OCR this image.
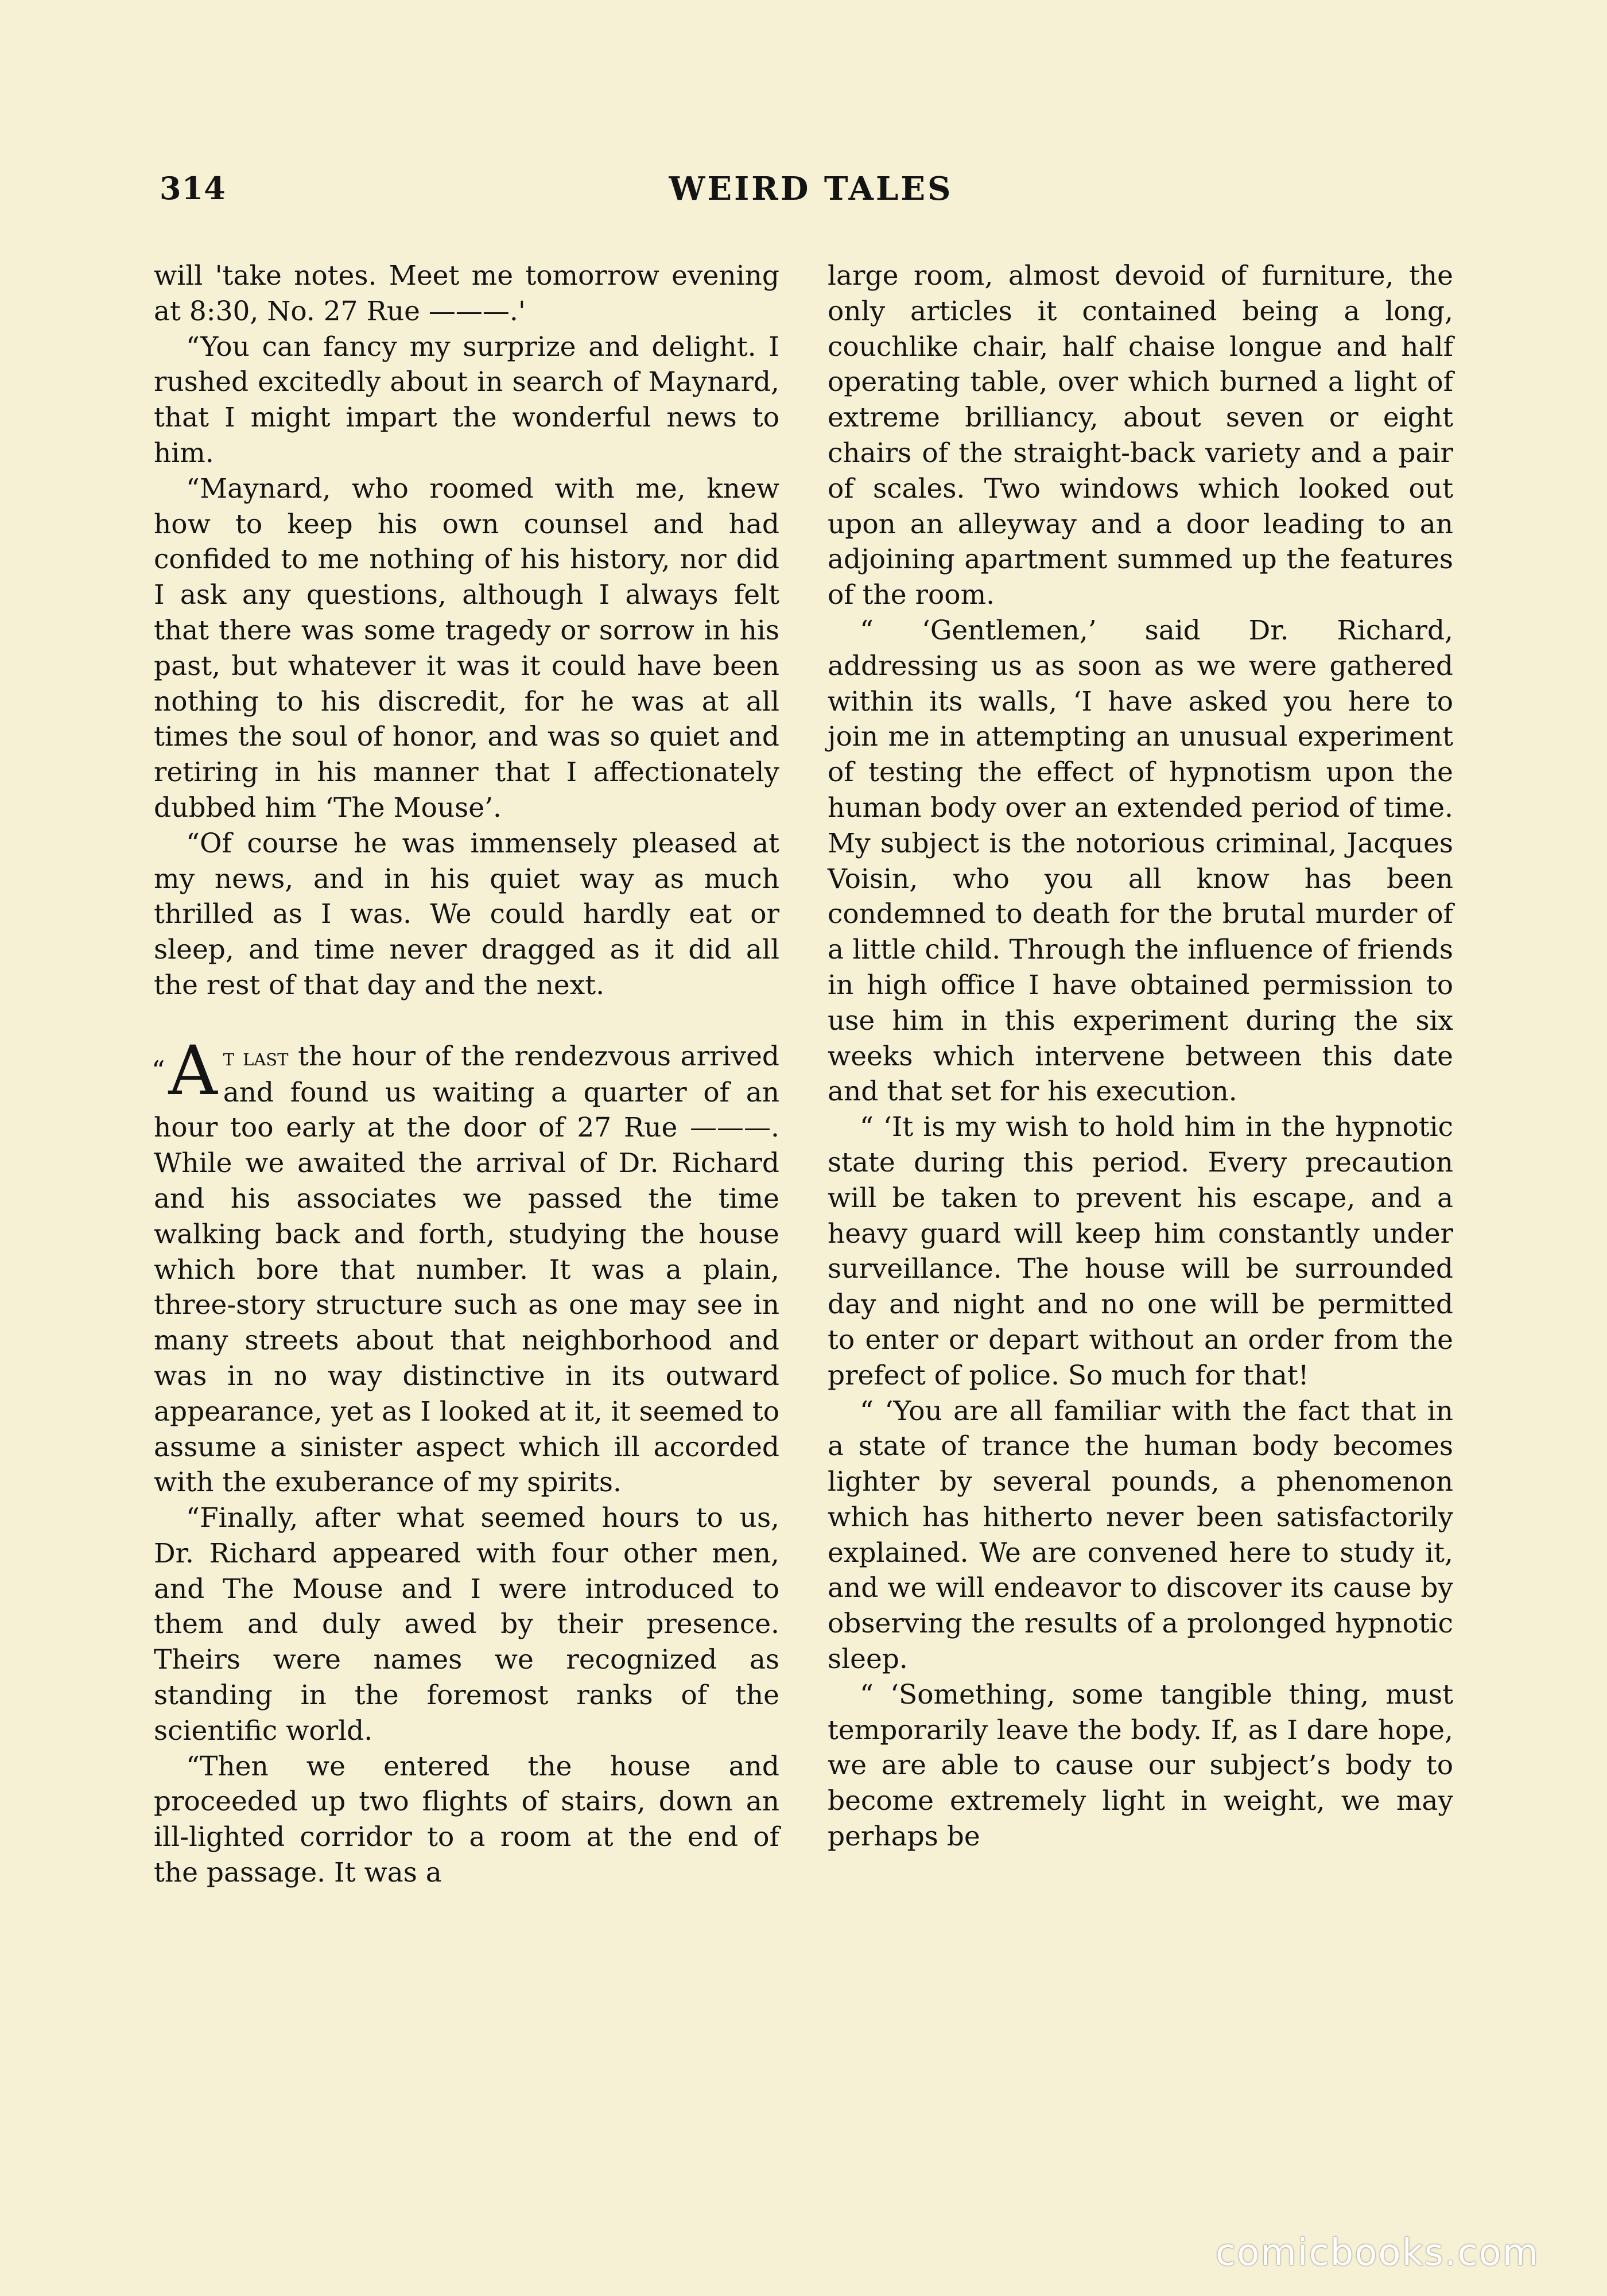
314	WEIRD TALES

will 'take notes. Meet me tomorrow evening at 8:30, No. 27 Rue ———.'

“You can fancy my surprize and delight. I rushed excitedly about in search of Maynard, that I might impart the wonderful news to him.

“Maynard, who roomed with me, knew how to keep his own counsel and had confided to me nothing of his history, nor did I ask any questions, although I always felt that there was some tragedy or sorrow in his past, but whatever it was it could have been nothing to his discredit, for he was at all times the soul of honor, and was so quiet and retiring in his manner that I affectionately dubbed him ‘The Mouse’.

“Of course he was immensely pleased at my news, and in his quiet way as much thrilled as I was. We could hardly eat or sleep, and time never dragged as it did all the rest of that day and the next.

“A t last the hour of the rendezvous arrived and found us waiting a quarter of an hour too early at the door of 27 Rue ———. While we awaited the arrival of Dr. Richard and his associates we passed the time walking back and forth, studying the house which bore that number. It was a plain, three-story structure such as one may see in many streets about that neighborhood and was in no way distinctive in its outward appearance, yet as I looked at it, it seemed to assume a sinister aspect which ill accorded with the exuberance of my spirits.

“Finally, after what seemed hours to us, Dr. Richard appeared with four other men, and The Mouse and I were introduced to them and duly awed by their presence. Theirs were names we recognized as standing in the foremost ranks of the scientific world.

“Then we entered the house and proceeded up two flights of stairs, down an ill-lighted corridor to a room at the end of the passage. It was a

large room, almost devoid of furniture, the only articles it contained being a long, couchlike chair, half chaise longue and half operating table, over which burned a light of extreme brilliancy, about seven or eight chairs of the straight-back variety and a pair of scales. Two windows which looked out upon an alleyway and a door leading to an adjoining apartment summed up the features of the room.

“ ‘Gentlemen,’ said Dr. Richard, addressing us as soon as we were gathered within its walls, ‘I have asked you here to join me in attempting an unusual experiment of testing the effect of hypnotism upon the human body over an extended period of time. My subject is the notorious criminal, Jacques Voisin, who you all know has been condemned to death for the brutal murder of a little child. Through the influence of friends in high office I have obtained permission to use him in this experiment during the six weeks which intervene between this date and that set for his execution.

“ ‘It is my wish to hold him in the hypnotic state during this period. Every precaution will be taken to prevent his escape, and a heavy guard will keep him constantly under surveillance. The house will be surrounded day and night and no one will be permitted to enter or depart without an order from the prefect of police. So much for that!

“ ‘You are all familiar with the fact that in a state of trance the human body becomes lighter by several pounds, a phenomenon which has hitherto never been satisfactorily explained. We are convened here to study it, and we will endeavor to discover its cause by observing the results of a prolonged hypnotic sleep.

“ ‘Something, some tangible thing, must temporarily leave the body. If, as I dare hope, we are able to cause our subject’s body to become extremely light in weight, we may perhaps be

comicbooks.com
